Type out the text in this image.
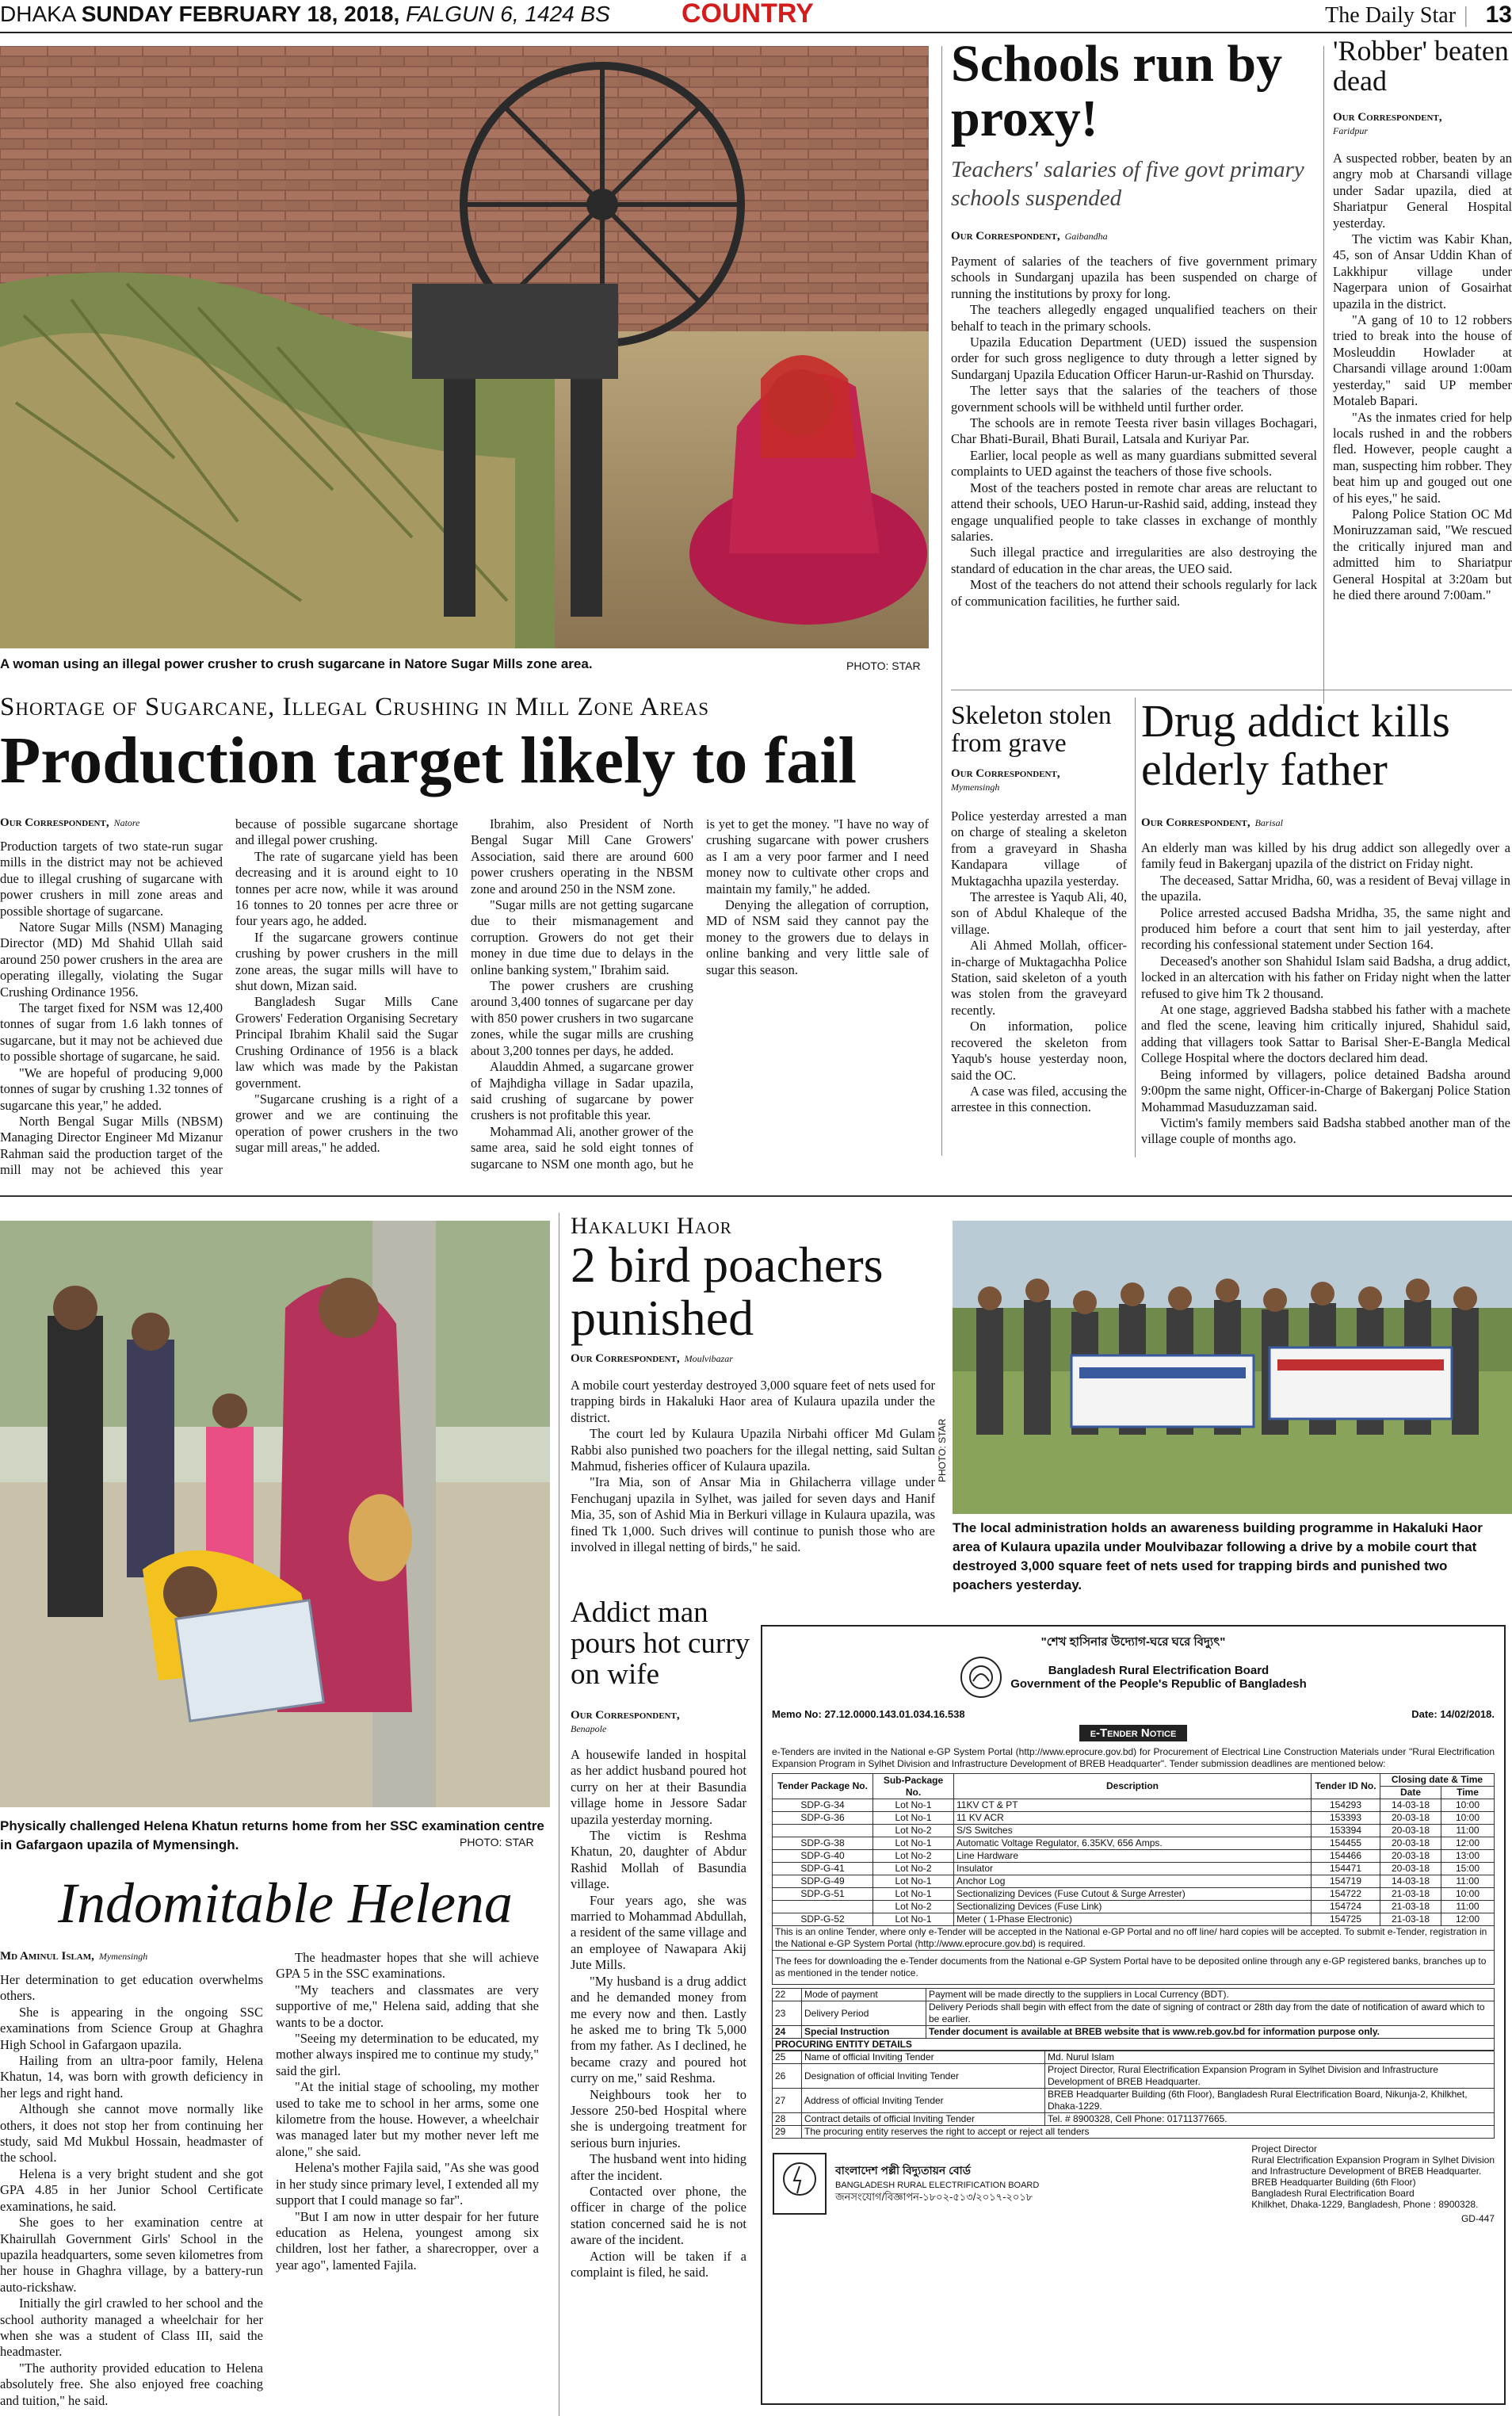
DHAKA SUNDAY FEBRUARY 18, 2018, FALGUN 6, 1424 BS	COUNTRY	The Daily Star | 13
A woman using an illegal power crusher to crush sugarcane in Natore Sugar Mills zone area.	PHOTO: STAR
Schools run by proxy!
Teachers' salaries of five govt primary schools suspended
Our Correspondent, Gaibandha

Payment of salaries of the teachers of five government primary schools in Sundarganj upazila has been suspended on charge of running the institutions by proxy for long.

The teachers allegedly engaged unqualified teachers on their behalf to teach in the primary schools.

Upazila Education Department (UED) issued the suspension order for such gross negligence to duty through a letter signed by Sundarganj Upazila Education Officer Harun-ur-Rashid on Thursday.

The letter says that the salaries of the teachers of those government schools will be withheld until further order.

The schools are in remote Teesta river basin villages Bochagari, Char Bhati-Burail, Bhati Burail, Latsala and Kuriyar Par.

Earlier, local people as well as many guardians submitted several complaints to UED against the teachers of those five schools.

Most of the teachers posted in remote char areas are reluctant to attend their schools, UEO Harun-ur-Rashid said, adding, instead they engage unqualified people to take classes in exchange of monthly salaries.

Such illegal practice and irregularities are also destroying the standard of education in the char areas, the UEO said.

Most of the teachers do not attend their schools regularly for lack of communication facilities, he further said.

'Robber' beaten dead
Our Correspondent,
Faridpur

A suspected robber, beaten by an angry mob at Charsandi village under Sadar upazila, died at Shariatpur General Hospital yesterday.

The victim was Kabir Khan, 45, son of Ansar Uddin Khan of Lakkhipur village under Nagerpara union of Gosairhat upazila in the district.

"A gang of 10 to 12 robbers tried to break into the house of Mosleuddin Howlader at Charsandi village around 1:00am yesterday," said UP member Motaleb Bapari.

"As the inmates cried for help locals rushed in and the robbers fled. However, people caught a man, suspecting him robber. They beat him up and gouged out one of his eyes," he said.

Palong Police Station OC Md Moniruzzaman said, "We rescued the critically injured man and admitted him to Shariatpur General Hospital at 3:20am but he died there around 7:00am."

Skeleton stolen from grave
Our Correspondent,
Mymensingh

Police yesterday arrested a man on charge of stealing a skeleton from a graveyard in Shasha Kandapara village of Muktagachha upazila yesterday.

The arrestee is Yaqub Ali, 40, son of Abdul Khaleque of the village.

Ali Ahmed Mollah, officer-in-charge of Muktagachha Police Station, said skeleton of a youth was stolen from the graveyard recently.

On information, police recovered the skeleton from Yaqub's house yesterday noon, said the OC.

A case was filed, accusing the arrestee in this connection.

Drug addict kills elderly father
Our Correspondent, Barisal

An elderly man was killed by his drug addict son allegedly over a family feud in Bakerganj upazila of the district on Friday night.

The deceased, Sattar Mridha, 60, was a resident of Bevaj village in the upazila.

Police arrested accused Badsha Mridha, 35, the same night and produced him before a court that sent him to jail yesterday, after recording his confessional statement under Section 164.

Deceased's another son Shahidul Islam said Badsha, a drug addict, locked in an altercation with his father on Friday night when the latter refused to give him Tk 2 thousand.

At one stage, aggrieved Badsha stabbed his father with a machete and fled the scene, leaving him critically injured, Shahidul said, adding that villagers took Sattar to Barisal Sher-E-Bangla Medical College Hospital where the doctors declared him dead.

Being informed by villagers, police detained Badsha around 9:00pm the same night, Officer-in-Charge of Bakerganj Police Station Mohammad Masuduzzaman said.

Victim's family members said Badsha stabbed another man of the village couple of months ago.

Shortage of Sugarcane, Illegal Crushing in Mill Zone Areas
Production target likely to fail
Our Correspondent, Natore

Production targets of two state-run sugar mills in the district may not be achieved due to illegal crushing of sugarcane with power crushers in mill zone areas and possible shortage of sugarcane.

Natore Sugar Mills (NSM) Managing Director (MD) Md Shahid Ullah said around 250 power crushers in the area are operating illegally, violating the Sugar Crushing Ordinance 1956.

The target fixed for NSM was 12,400 tonnes of sugar from 1.6 lakh tonnes of sugarcane, but it may not be achieved due to possible shortage of sugarcane, he said.

"We are hopeful of producing 9,000 tonnes of sugar by crushing 1.32 tonnes of sugarcane this year," he added.

North Bengal Sugar Mills (NBSM) Managing Director Engineer Md Mizanur Rahman said the production target of the mill may not be achieved this year because of possible sugarcane shortage and illegal power crushing.

The rate of sugarcane yield has been decreasing and it is around eight to 10 tonnes per acre now, while it was around 16 tonnes to 20 tonnes per acre three or four years ago, he added.

If the sugarcane growers continue crushing by power crushers in the mill zone areas, the sugar mills will have to shut down, Mizan said.

Bangladesh Sugar Mills Cane Growers' Federation Organising Secretary Principal Ibrahim Khalil said the Sugar Crushing Ordinance of 1956 is a black law which was made by the Pakistan government.

"Sugarcane crushing is a right of a grower and we are continuing the operation of power crushers in the two sugar mill areas," he added.

Ibrahim, also President of North Bengal Sugar Mill Cane Growers' Association, said there are around 600 power crushers operating in the NBSM zone and around 250 in the NSM zone.

"Sugar mills are not getting sugarcane due to their mismanagement and corruption. Growers do not get their money in due time due to delays in the online banking system," Ibrahim said.

The power crushers are crushing around 3,400 tonnes of sugarcane per day with 850 power crushers in two sugarcane zones, while the sugar mills are crushing about 3,200 tonnes per days, he added.

Alauddin Ahmed, a sugarcane grower of Majhdigha village in Sadar upazila, said crushing of sugarcane by power crushers is not profitable this year.

Mohammad Ali, another grower of the same area, said he sold eight tonnes of sugarcane to NSM one month ago, but he is yet to get the money. "I have no way of crushing sugarcane with power crushers as I am a very poor farmer and I need money now to cultivate other crops and maintain my family," he added.

Denying the allegation of corruption, MD of NSM said they cannot pay the money to the growers due to delays in online banking and very little sale of sugar this season.

Physically challenged Helena Khatun returns home from her SSC examination centre in Gafargaon upazila of Mymensingh.	PHOTO: STAR
Indomitable Helena
Md Aminul Islam, Mymensingh

Her determination to get education overwhelms others.

She is appearing in the ongoing SSC examinations from Science Group at Ghaghra High School in Gafargaon upazila.

Hailing from an ultra-poor family, Helena Khatun, 14, was born with growth deficiency in her legs and right hand.

Although she cannot move normally like others, it does not stop her from continuing her study, said Md Mukbul Hossain, headmaster of the school.

Helena is a very bright student and she got GPA 4.85 in her Junior School Certificate examinations, he said.

She goes to her examination centre at Khairullah Government Girls' School in the upazila headquarters, some seven kilometres from her house in Ghaghra village, by a battery-run auto-rickshaw.

Initially the girl crawled to her school and the school authority managed a wheelchair for her when she was a student of Class III, said the headmaster.

"The authority provided education to Helena absolutely free. She also enjoyed free coaching and tuition," he said.

The headmaster hopes that she will achieve GPA 5 in the SSC examinations.

"My teachers and classmates are very supportive of me," Helena said, adding that she wants to be a doctor.

"Seeing my determination to be educated, my mother always inspired me to continue my study," said the girl.

"At the initial stage of schooling, my mother used to take me to school in her arms, some one kilometre from the house. However, a wheelchair was managed later but my mother never left me alone," she said.

Helena's mother Fajila said, "As she was good in her study since primary level, I extended all my support that I could manage so far".

"But I am now in utter despair for her future education as Helena, youngest among six children, lost her father, a sharecropper, over a year ago", lamented Fajila.

Hakaluki Haor
2 bird poachers punished
Our Correspondent, Moulvibazar

A mobile court yesterday destroyed 3,000 square feet of nets used for trapping birds in Hakaluki Haor area of Kulaura upazila under the district.

The court led by Kulaura Upazila Nirbahi officer Md Gulam Rabbi also punished two poachers for the illegal netting, said Sultan Mahmud, fisheries officer of Kulaura upazila.

"Ira Mia, son of Ansar Mia in Ghilacherra village under Fenchuganj upazila in Sylhet, was jailed for seven days and Hanif Mia, 35, son of Ashid Mia in Berkuri village in Kulaura upazila, was fined Tk 1,000. Such drives will continue to punish those who are involved in illegal netting of birds," he said.

PHOTO: STAR
The local administration holds an awareness building programme in Hakaluki Haor area of Kulaura upazila under Moulvibazar following a drive by a mobile court that destroyed 3,000 square feet of nets used for trapping birds and punished two poachers yesterday.
Addict man pours hot curry on wife
Our Correspondent,
Benapole

A housewife landed in hospital as her addict husband poured hot curry on her at their Basundia village home in Jessore Sadar upazila yesterday morning.

The victim is Reshma Khatun, 20, daughter of Abdur Rashid Mollah of Basundia village.

Four years ago, she was married to Mohammad Abdullah, a resident of the same village and an employee of Nawapara Akij Jute Mills.

"My husband is a drug addict and he demanded money from me every now and then. Lastly he asked me to bring Tk 5,000 from my father. As I declined, he became crazy and poured hot curry on me," said Reshma.

Neighbours took her to Jessore 250-bed Hospital where she is undergoing treatment for serious burn injuries.

The husband went into hiding after the incident.

Contacted over phone, the officer in charge of the police station concerned said he is not aware of the incident.

Action will be taken if a complaint is filed, he said.

"শেখ হাসিনার উদ্যোগ-ঘরে ঘরে বিদ্যুৎ"
Bangladesh Rural Electrification Board
Government of the People's Republic of Bangladesh
Memo No: 27.12.0000.143.01.034.16.538	Date: 14/02/2018.
e-Tender Notice
e-Tenders are invited in the National e-GP System Portal (http://www.eprocure.gov.bd) for Procurement of Electrical Line Construction Materials under "Rural Electrification Expansion Program in Sylhet Division and Infrastructure Development of BREB Headquarter". Tender submission deadlines are mentioned below:
Tender Package No.	Sub-Package No.	Description	Tender ID No.	Closing date & Time	
				Date	Time
SDP-G-34	Lot No-1	11KV CT & PT	154293	14-03-18	10:00
SDP-G-36	Lot No-1	11 KV ACR	153393	20-03-18	10:00
	Lot No-2	S/S Switches	153394	20-03-18	11:00
SDP-G-38	Lot No-1	Automatic Voltage Regulator, 6.35KV, 656 Amps.	154455	20-03-18	12:00
SDP-G-40	Lot No-2	Line Hardware	154466	20-03-18	13:00
SDP-G-41	Lot No-2	Insulator	154471	20-03-18	15:00
SDP-G-49	Lot No-1	Anchor Log	154719	14-03-18	11:00
SDP-G-51	Lot No-1	Sectionalizing Devices (Fuse Cutout & Surge Arrester)	154722	21-03-18	10:00
	Lot No-2	Sectionalizing Devices (Fuse Link)	154724	21-03-18	11:00
SDP-G-52	Lot No-1	Meter ( 1-Phase Electronic)	154725	21-03-18	12:00
This is an online Tender, where only e-Tender will be accepted in the National e-GP Portal and no off line/ hard copies will be accepted. To submit e-Tender, registration in the National e-GP System Portal (http://www.eprocure.gov.bd) is required.
The fees for downloading the e-Tender documents from the National e-GP System Portal have to be deposited online through any e-GP registered banks, branches up to as mentioned in the tender notice.
22	Mode of payment	Payment will be made directly to the suppliers in Local Currency (BDT).
23	Delivery Period	Delivery Periods shall begin with effect from the date of signing of contract or 28th day from the date of notification of award which to be earlier.
24	Special Instruction	Tender document is available at BREB website that is www.reb.gov.bd for information purpose only.
PROCURING ENTITY DETAILS
25	Name of official Inviting Tender	Md. Nurul Islam
26	Designation of official Inviting Tender	Project Director, Rural Electrification Expansion Program in Sylhet Division and Infrastructure Development of BREB Headquarter.
27	Address of official Inviting Tender	BREB Headquarter Building (6th Floor), Bangladesh Rural Electrification Board, Nikunja-2, Khilkhet, Dhaka-1229.
28	Contract details of official Inviting Tender	Tel. # 8900328, Cell Phone: 01711377665.
29	The procuring entity reserves the right to accept or reject all tenders	
বাংলাদেশ পল্লী বিদ্যুতায়ন বোর্ড
BANGLADESH RURAL ELECTRIFICATION BOARD
জনসংযোগ/বিজ্ঞাপন-১৮০২-৫১৩/২০১৭-২০১৮
Project Director
Rural Electrification Expansion Program in Sylhet Division
and Infrastructure Development of BREB Headquarter.
BREB Headquarter Building (6th Floor)
Bangladesh Rural Electrification Board
Khilkhet, Dhaka-1229, Bangladesh, Phone : 8900328.
GD-447
